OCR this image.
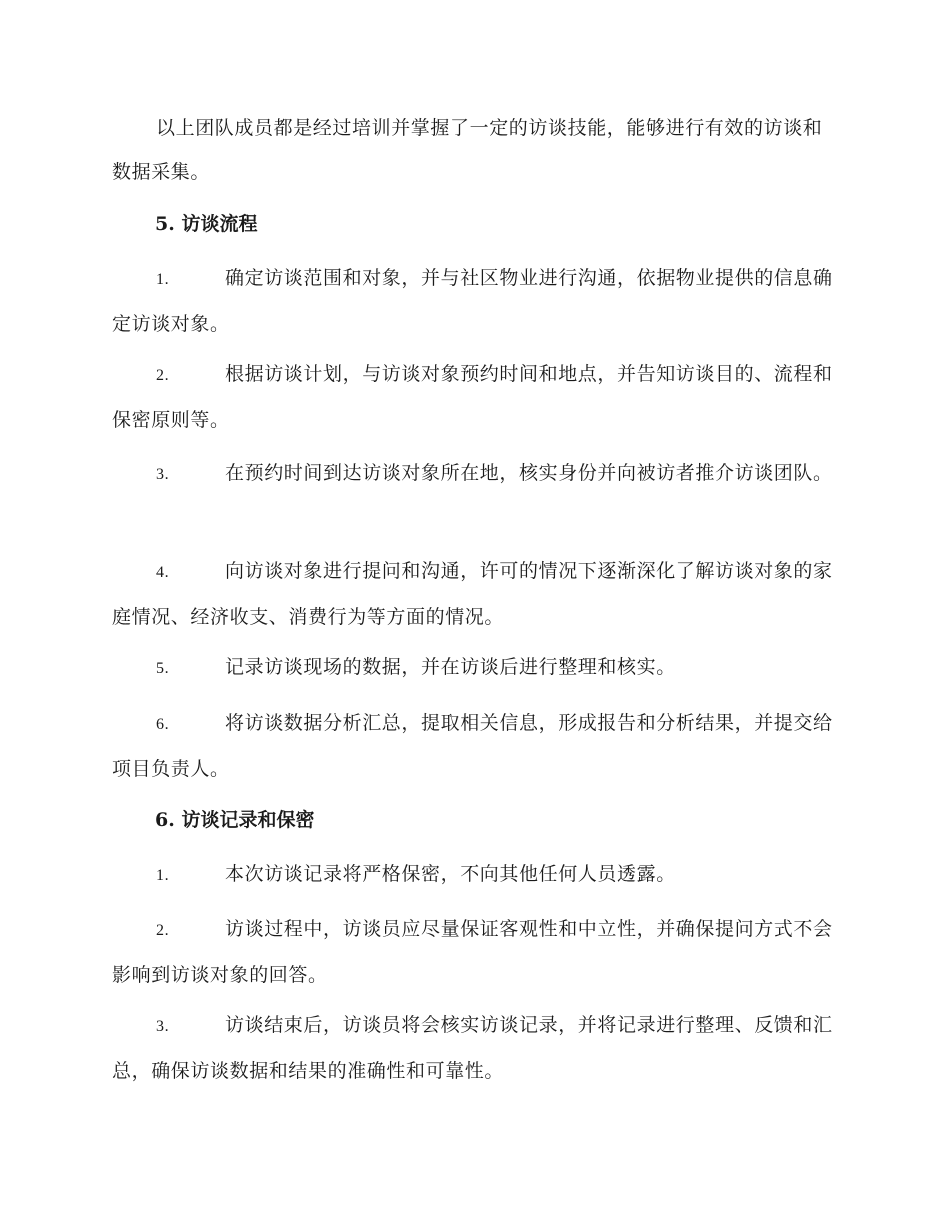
以上团队成员都是经过培训并掌握了一定的访谈技能，能够进行有效的访谈和数据采集。

5. 访谈流程

1.	确定访谈范围和对象，并与社区物业进行沟通，依据物业提供的信息确定访谈对象。

2.	根据访谈计划，与访谈对象预约时间和地点，并告知访谈目的、流程和保密原则等。

3.	在预约时间到达访谈对象所在地，核实身份并向被访者推介访谈团队。

4.	向访谈对象进行提问和沟通，许可的情况下逐渐深化了解访谈对象的家庭情况、经济收支、消费行为等方面的情况。

5.	记录访谈现场的数据，并在访谈后进行整理和核实。

6.	将访谈数据分析汇总，提取相关信息，形成报告和分析结果，并提交给项目负责人。

6. 访谈记录和保密

1.	本次访谈记录将严格保密，不向其他任何人员透露。

2.	访谈过程中，访谈员应尽量保证客观性和中立性，并确保提问方式不会影响到访谈对象的回答。

3.	访谈结束后，访谈员将会核实访谈记录，并将记录进行整理、反馈和汇总，确保访谈数据和结果的准确性和可靠性。
